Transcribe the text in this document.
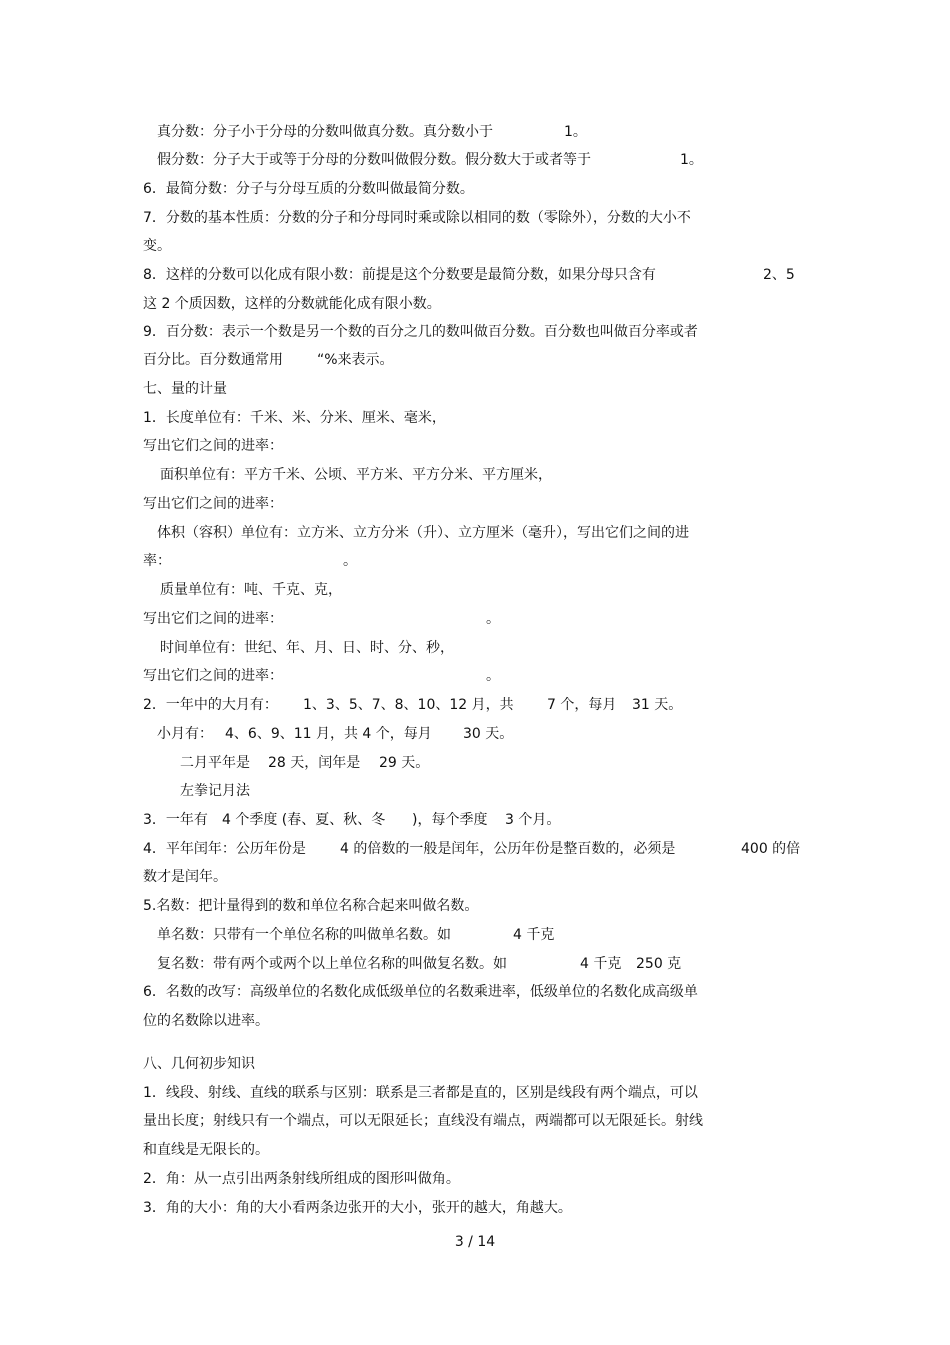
真分数：分子小于分母的分数叫做真分数。真分数小于	1。
假分数：分子大于或等于分母的分数叫做假分数。假分数大于或者等于	1。
6．最简分数：分子与分母互质的分数叫做最简分数。
7．分数的基本性质：分数的分子和分母同时乘或除以相同的数（零除外），分数的大小不
变。
8．这样的分数可以化成有限小数：前提是这个分数要是最简分数，如果分母只含有	2、5
这 2 个质因数，这样的分数就能化成有限小数。
9．百分数：表示一个数是另一个数的百分之几的数叫做百分数。百分数也叫做百分率或者
百分比。百分数通常用 “%来表示。
七、量的计量
1．长度单位有：千米、米、分米、厘米、毫米，
写出它们之间的进率：
面积单位有：平方千米、公顷、平方米、平方分米、平方厘米，
写出它们之间的进率：
体积（容积）单位有：立方米、立方分米（升）、立方厘米（毫升），写出它们之间的进
率：	。
质量单位有：吨、千克、克，
写出它们之间的进率：	。
时间单位有：世纪、年、月、日、时、分、秒，
写出它们之间的进率：	。
2．一年中的大月有： 1、3、5、7、8、10、12 月，共 7 个，每月 31 天。
小月有： 4、6、9、11 月，共 4 个，每月 30 天。
二月平年是 28 天，闰年是 29 天。
左拳记月法
3．一年有 4 个季度 (春、夏、秋、冬 )，每个季度 3 个月。
4．平年闰年：公历年份是 4 的倍数的一般是闰年，公历年份是整百数的，必须是	400 的倍
数才是闰年。
5.名数：把计量得到的数和单位名称合起来叫做名数。
单名数：只带有一个单位名称的叫做单名数。如	4 千克
复名数：带有两个或两个以上单位名称的叫做复名数。如	4 千克 250 克
6．名数的改写：高级单位的名数化成低级单位的名数乘进率，低级单位的名数化成高级单
位的名数除以进率。
八、几何初步知识
1．线段、射线、直线的联系与区别：联系是三者都是直的，区别是线段有两个端点，可以
量出长度；射线只有一个端点，可以无限延长；直线没有端点，两端都可以无限延长。射线
和直线是无限长的。
2．角：从一点引出两条射线所组成的图形叫做角。
3．角的大小：角的大小看两条边张开的大小，张开的越大，角越大。
3 / 14
